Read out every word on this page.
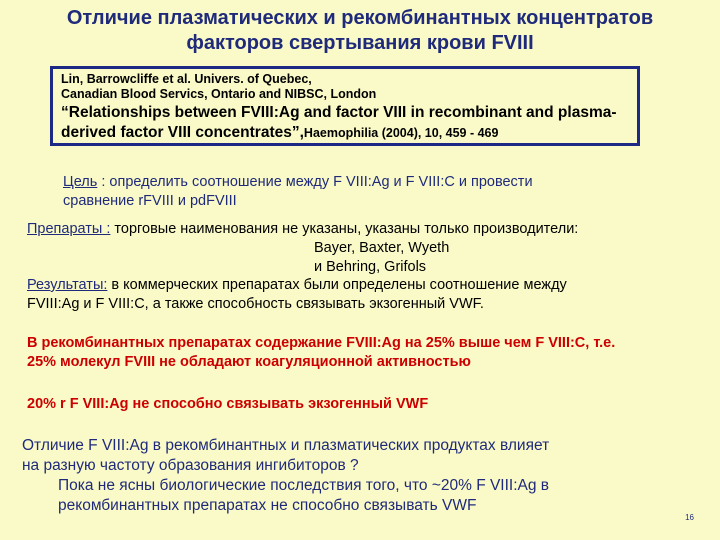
Отличие плазматических и рекомбинантных концентратов
факторов свертывания крови FVIII
Lin, Barrowcliffe et al. Univers. of Quebec,
Canadian Blood Servics, Ontario and NIBSC, London
“Relationships between FVIII:Ag and factor VIII in recombinant and plasma-
derived factor VIII concentrates”,Haemophilia (2004), 10, 459 - 469
Цель : определить соотношение между F VIII:Ag и F VIII:C и провести
сравнение rFVIII и pdFVIII
Препараты : торговые наименования не указаны, указаны только производители:
Bayer, Baxter, Wyeth
и Behring, Grifols
Результаты: в коммерческих препаратах были определены соотношение между
FVIII:Ag и F VIII:C, а также способность связывать экзогенный VWF.
В рекомбинантных препаратах содержание FVIII:Ag на 25% выше чем F VIII:C, т.е.
25% молекул FVIII не обладают коагуляционной активностью
20% r F VIII:Ag не способно связывать экзогенный VWF
Отличие F VIII:Ag в рекомбинантных и плазматических продуктах влияет
на разную частоту образования ингибиторов ?
Пока не ясны биологические последствия того, что ~20% F VIII:Ag в
рекомбинантных препаратах не способно связывать VWF
16
